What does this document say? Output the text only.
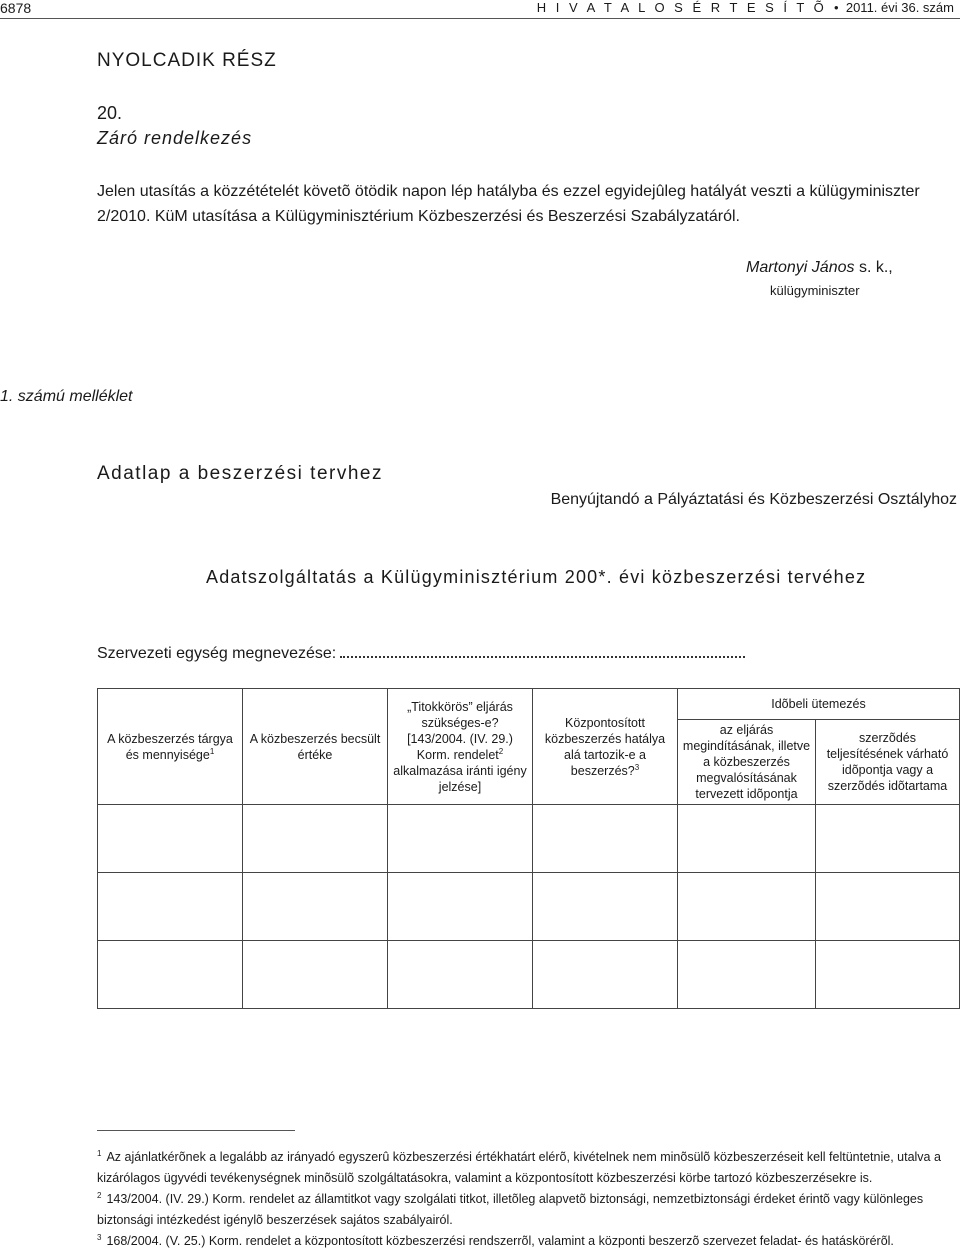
6878	H I V A T A L O S É R T E S Í T Õ • 2011. évi 36. szám
NYOLCADIK RÉSZ
20.
Záró rendelkezés
Jelen utasítás a közzétételét követõ ötödik napon lép hatályba és ezzel egyidejûleg hatályát veszti a külügyminiszter 2/2010. KüM utasítása a Külügyminisztérium Közbeszerzési és Beszerzési Szabályzatáról.
Martonyi János s. k.,
külügyminiszter
1. számú melléklet
Adatlap a beszerzési tervhez
Benyújtandó a Pályáztatási és Közbeszerzési Osztályhoz
Adatszolgáltatás a Külügyminisztérium 200*. évi közbeszerzési tervéhez
Szervezeti egység megnevezése:
A közbeszerzés tárgya és mennyisége$^1$	A közbeszerzés becsült értéke	„Titokkörös” eljárás szükséges-e? [143/2004. (IV. 29.) Korm. rendelet$^2$ alkalmazása iránti igény jelzése]	Központosított közbeszerzés hatálya alá tartozik-e a beszerzés?$^3$	Idõbeli ütemezés	
				az eljárás megindításának, illetve a közbeszerzés megvalósításának tervezett idõpontja	szerzõdés teljesítésének várható idõpontja vagy a szerzõdés idõtartama

$^1$ Az ajánlatkérõnek a legalább az irányadó egyszerû közbeszerzési értékhatárt elérõ, kivételnek nem minõsülõ közbeszerzéseit kell feltüntetnie, utalva a kizárólagos ügyvédi tevékenységnek minõsülõ szolgáltatásokra, valamint a központosított közbeszerzési körbe tartozó közbeszerzésekre is.
$^2$ 143/2004. (IV. 29.) Korm. rendelet az államtitkot vagy szolgálati titkot, illetõleg alapvetõ biztonsági, nemzetbiztonsági érdeket érintõ vagy különleges biztonsági intézkedést igénylõ beszerzések sajátos szabályairól.
$^3$ 168/2004. (V. 25.) Korm. rendelet a központosított közbeszerzési rendszerrõl, valamint a központi beszerzõ szervezet feladat- és hatáskörérõl.
